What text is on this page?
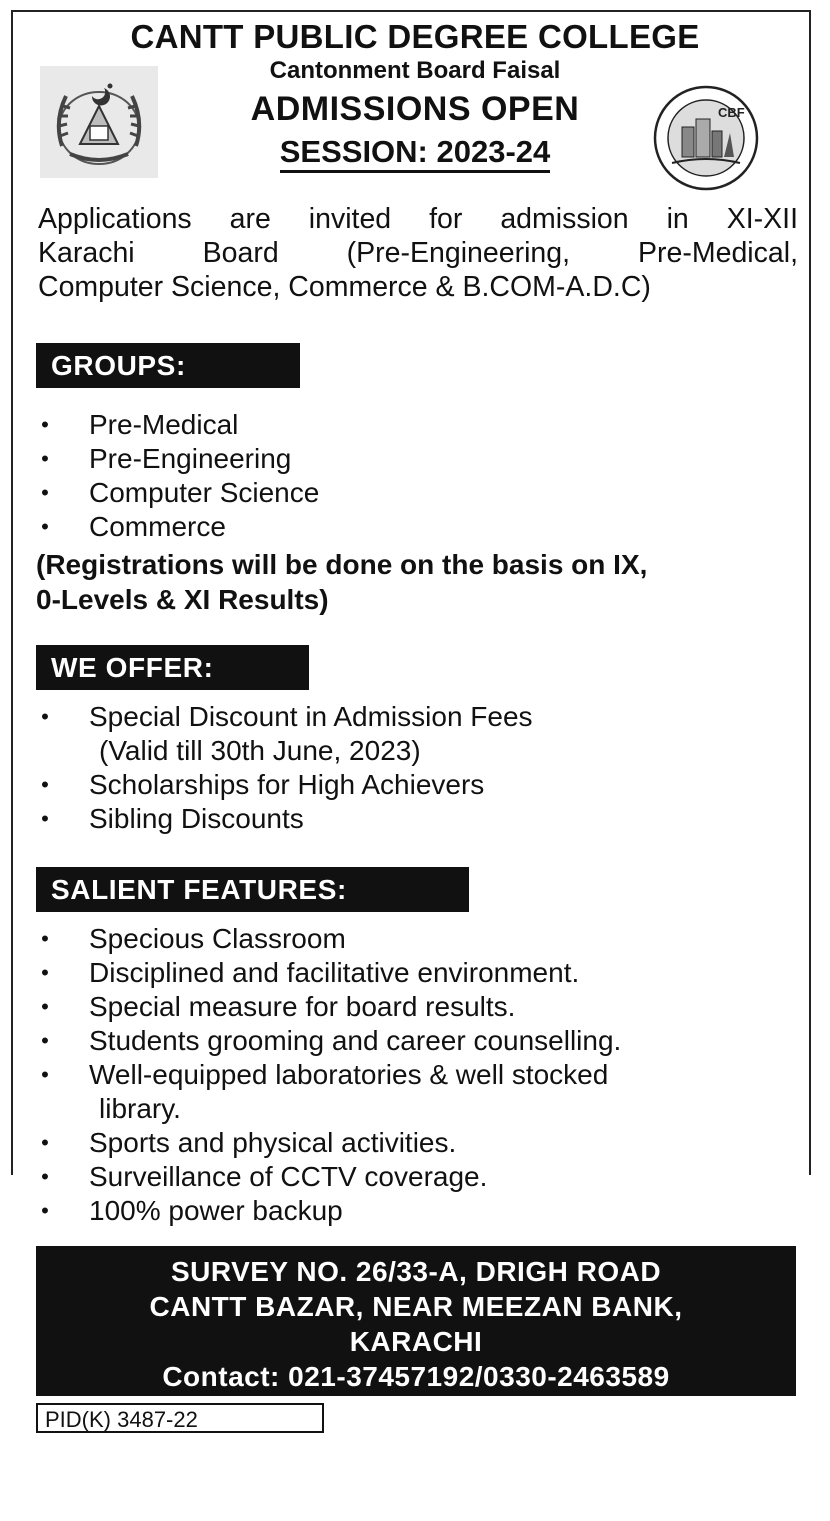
CANTT PUBLIC DEGREE COLLEGE
Cantonment Board Faisal
ADMISSIONS OPEN
SESSION: 2023-24
CBF
Applications are invited for admission in XI-XII
Karachi Board (Pre-Engineering, Pre-Medical,
Computer Science, Commerce & B.COM-A.D.C)
GROUPS:
• Pre-Medical
• Pre-Engineering
• Computer Science
• Commerce
(Registrations will be done on the basis on IX,
0-Levels & XI Results)
WE OFFER:
• Special Discount in Admission Fees
(Valid till 30th June, 2023)
• Scholarships for High Achievers
• Sibling Discounts
SALIENT FEATURES:
• Specious Classroom
• Disciplined and facilitative environment.
• Special measure for board results.
• Students grooming and career counselling.
• Well-equipped laboratories & well stocked
library.
• Sports and physical activities.
• Surveillance of CCTV coverage.
• 100% power backup
SURVEY NO. 26/33-A, DRIGH ROAD
CANTT BAZAR, NEAR MEEZAN BANK,
KARACHI
Contact: 021-37457192/0330-2463589
PID(K) 3487-22
